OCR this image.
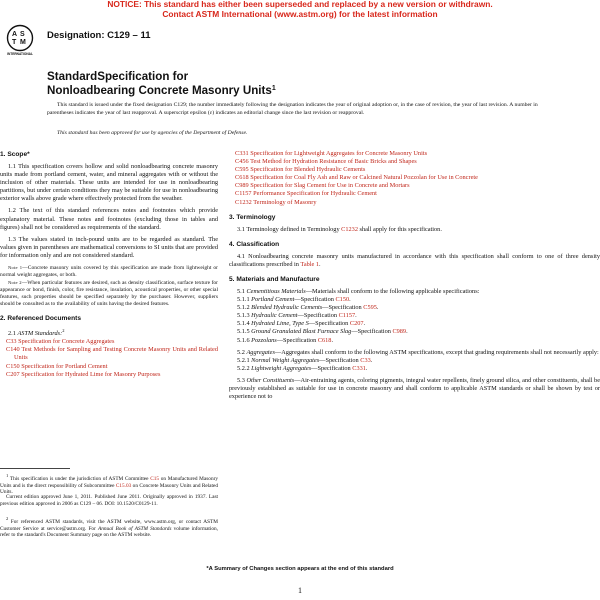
NOTICE: This standard has either been superseded and replaced by a new version or withdrawn.
Contact ASTM International (www.astm.org) for the latest information
A S
T M
INTERNATIONAL
Designation: C129 – 11
StandardSpecification for
Nonloadbearing Concrete Masonry Units$^1$
This standard is issued under the fixed designation C129; the number immediately following the designation indicates the year of original adoption or, in the case of revision, the year of last revision. A number in parentheses indicates the year of last reapproval. A superscript epsilon (ε) indicates an editorial change since the last revision or reapproval.
This standard has been approved for use by agencies of the Department of Defense.
1. Scope*

1.1 This specification covers hollow and solid nonloadbearing concrete masonry units made from portland cement, water, and mineral aggregates with or without the inclusion of other materials. These units are intended for use in nonloadbearing partitions, but under certain conditions they may be suitable for use in nonloadbearing exterior walls above grade where effectively protected from the weather.

1.2 The text of this standard references notes and footnotes which provide explanatory material. These notes and footnotes (excluding those in tables and figures) shall not be considered as requirements of the standard.

1.3 The values stated in inch-pound units are to be regarded as standard. The values given in parentheses are mathematical conversions to SI units that are provided for information only and are not considered standard.

Note 1—Concrete masonry units covered by this specification are made from lightweight or normal weight aggregates, or both.

Note 2—When particular features are desired, such as density classification, surface texture for appearance or bond, finish, color, fire resistance, insulation, acoustical properties, or other special features, such properties should be specified separately by the purchaser. However, suppliers should be consulted as to the availability of units having the desired features.

2. Referenced Documents

2.1 ASTM Standards:$^2$

C33 Specification for Concrete Aggregates

C140 Test Methods for Sampling and Testing Concrete Masonry Units and Related Units

C150 Specification for Portland Cement

C207 Specification for Hydrated Lime for Masonry Purposes

$^1$ This specification is under the jurisdiction of ASTM Committee C15 on Manufactured Masonry Units and is the direct responsibility of Subcommittee C15.03 on Concrete Masonry Units and Related Units.
Current edition approved June 1, 2011. Published June 2011. Originally approved in 1937. Last previous edition approved in 2006 as C129 – 06. DOI: 10.1520/C0129-11.
$^2$ For referenced ASTM standards, visit the ASTM website, www.astm.org, or contact ASTM Customer Service at service@astm.org. For Annual Book of ASTM Standards volume information, refer to the standard's Document Summary page on the ASTM website.

C331 Specification for Lightweight Aggregates for Concrete Masonry Units

C456 Test Method for Hydration Resistance of Basic Bricks and Shapes

C595 Specification for Blended Hydraulic Cements

C618 Specification for Coal Fly Ash and Raw or Calcined Natural Pozzolan for Use in Concrete

C989 Specification for Slag Cement for Use in Concrete and Mortars

C1157 Performance Specification for Hydraulic Cement

C1232 Terminology of Masonry

3. Terminology

3.1 Terminology defined in Terminology C1232 shall apply for this specification.

4. Classification

4.1 Nonloadbearing concrete masonry units manufactured in accordance with this specification shall conform to one of three density classifications prescribed in Table 1.

5. Materials and Manufacture

5.1 Cementitious Materials—Materials shall conform to the following applicable specifications:

5.1.1 Portland Cement—Specification C150.

5.1.2 Blended Hydraulic Cements—Specification C595.

5.1.3 Hydraulic Cement—Specification C1157.

5.1.4 Hydrated Lime, Type S—Specification C207.

5.1.5 Ground Granulated Blast Furnace Slag—Specification C989.

5.1.6 Pozzolans—Specification C618.

5.2 Aggregates—Aggregates shall conform to the following ASTM specifications, except that grading requirements shall not necessarily apply:

5.2.1 Normal Weight Aggregates—Specification C33.

5.2.2 Lightweight Aggregates—Specification C331.

5.3 Other Constituents—Air-entraining agents, coloring pigments, integral water repellents, finely ground silica, and other constituents, shall be previously established as suitable for use in concrete masonry and shall conform to applicable ASTM standards or shall be shown by test or experience not to

*A Summary of Changes section appears at the end of this standard
1
